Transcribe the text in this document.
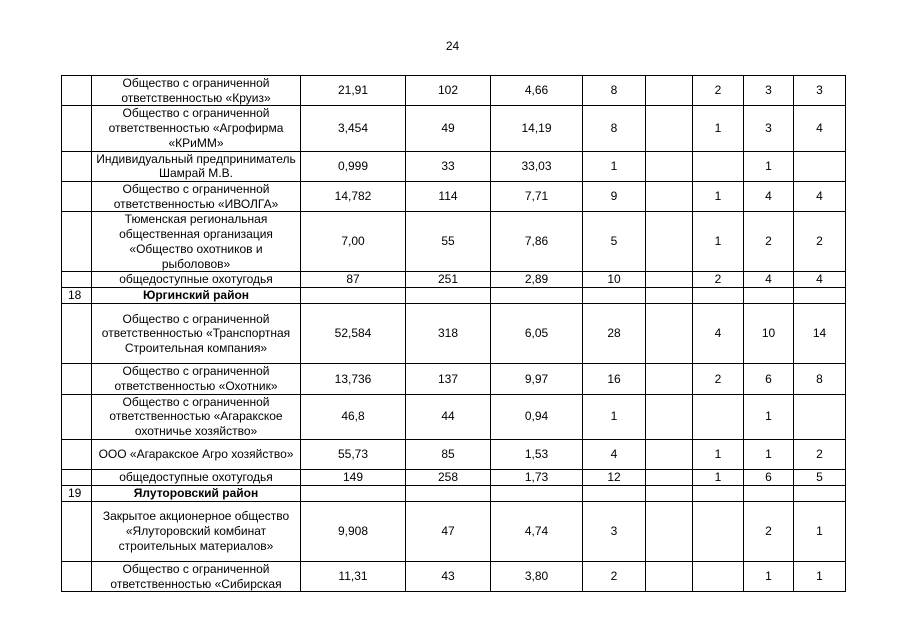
24
	Общество с ограниченной ответственностью «Круиз»	21,91	102	4,66	8		2	3	3
	Общество с ограниченной ответственностью «Агрофирма «КРиММ»	3,454	49	14,19	8		1	3	4
	Индивидуальный предприниматель Шамрай М.В.	0,999	33	33,03	1			1	
	Общество с ограниченной ответственностью «ИВОЛГА»	14,782	114	7,71	9		1	4	4
	Тюменская региональная общественная организация «Общество охотников и рыболовов»	7,00	55	7,86	5		1	2	2
	общедоступные охотугодья	87	251	2,89	10		2	4	4
18	Юргинский район								
	Общество с ограниченной ответственностью «Транспортная Строительная компания»	52,584	318	6,05	28		4	10	14
	Общество с ограниченной ответственностью «Охотник»	13,736	137	9,97	16		2	6	8
	Общество с ограниченной ответственностью «Агаракское охотничье хозяйство»	46,8	44	0,94	1			1	
	ООО «Агаракское Агро хозяйство»	55,73	85	1,53	4		1	1	2
	общедоступные охотугодья	149	258	1,73	12		1	6	5
19	Ялуторовский район								
	Закрытое акционерное общество «Ялуторовский комбинат строительных материалов»	9,908	47	4,74	3			2	1
	Общество с ограниченной ответственностью «Сибирская	11,31	43	3,80	2			1	1
